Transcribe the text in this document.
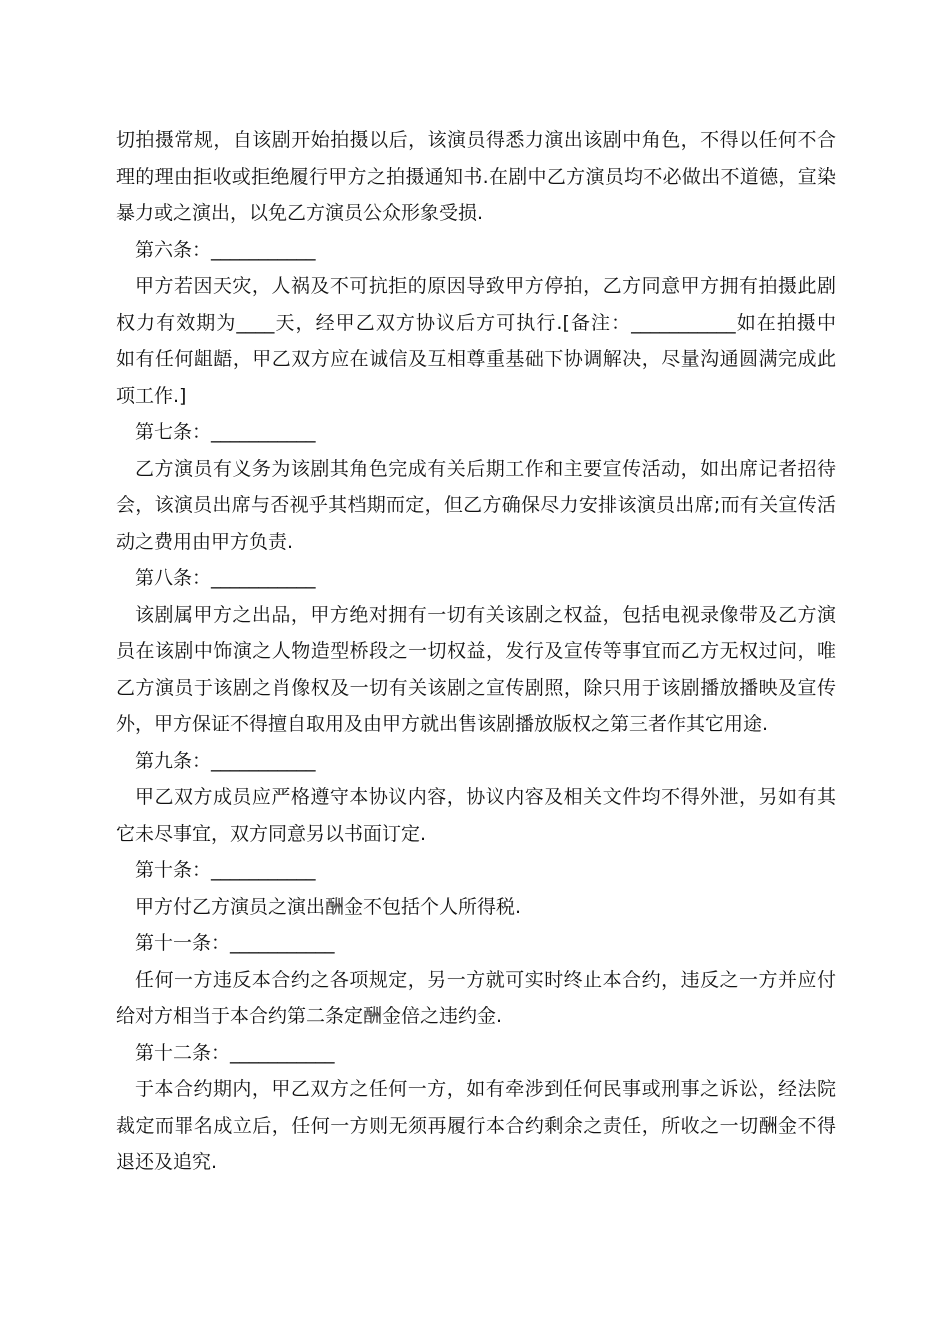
切拍摄常规，自该剧开始拍摄以后，该演员得悉力演出该剧中角色，不得以任何不合
理的理由拒收或拒绝履行甲方之拍摄通知书.在剧中乙方演员均不必做出不道德，宣染
暴力或之演出，以免乙方演员公众形象受损.
第六条：___________
甲方若因天灾，人祸及不可抗拒的原因导致甲方停拍，乙方同意甲方拥有拍摄此剧
权力有效期为____天，经甲乙双方协议后方可执行.[备注：___________如在拍摄中
如有任何龃龉，甲乙双方应在诚信及互相尊重基础下协调解决，尽量沟通圆满完成此
项工作.]
第七条：___________
乙方演员有义务为该剧其角色完成有关后期工作和主要宣传活动，如出席记者招待
会，该演员出席与否视乎其档期而定，但乙方确保尽力安排该演员出席;而有关宣传活
动之费用由甲方负责.
第八条：___________
该剧属甲方之出品，甲方绝对拥有一切有关该剧之权益，包括电视录像带及乙方演
员在该剧中饰演之人物造型桥段之一切权益，发行及宣传等事宜而乙方无权过问，唯
乙方演员于该剧之肖像权及一切有关该剧之宣传剧照，除只用于该剧播放播映及宣传
外，甲方保证不得擅自取用及由甲方就出售该剧播放版权之第三者作其它用途.
第九条：___________
甲乙双方成员应严格遵守本协议内容，协议内容及相关文件均不得外泄，另如有其
它未尽事宜，双方同意另以书面订定.
第十条：___________
甲方付乙方演员之演出酬金不包括个人所得税.
第十一条：___________
任何一方违反本合约之各项规定，另一方就可实时终止本合约，违反之一方并应付
给对方相当于本合约第二条定酬金倍之违约金.
第十二条：___________
于本合约期内，甲乙双方之任何一方，如有牵涉到任何民事或刑事之诉讼，经法院
裁定而罪名成立后，任何一方则无须再履行本合约剩余之责任，所收之一切酬金不得
退还及追究.
